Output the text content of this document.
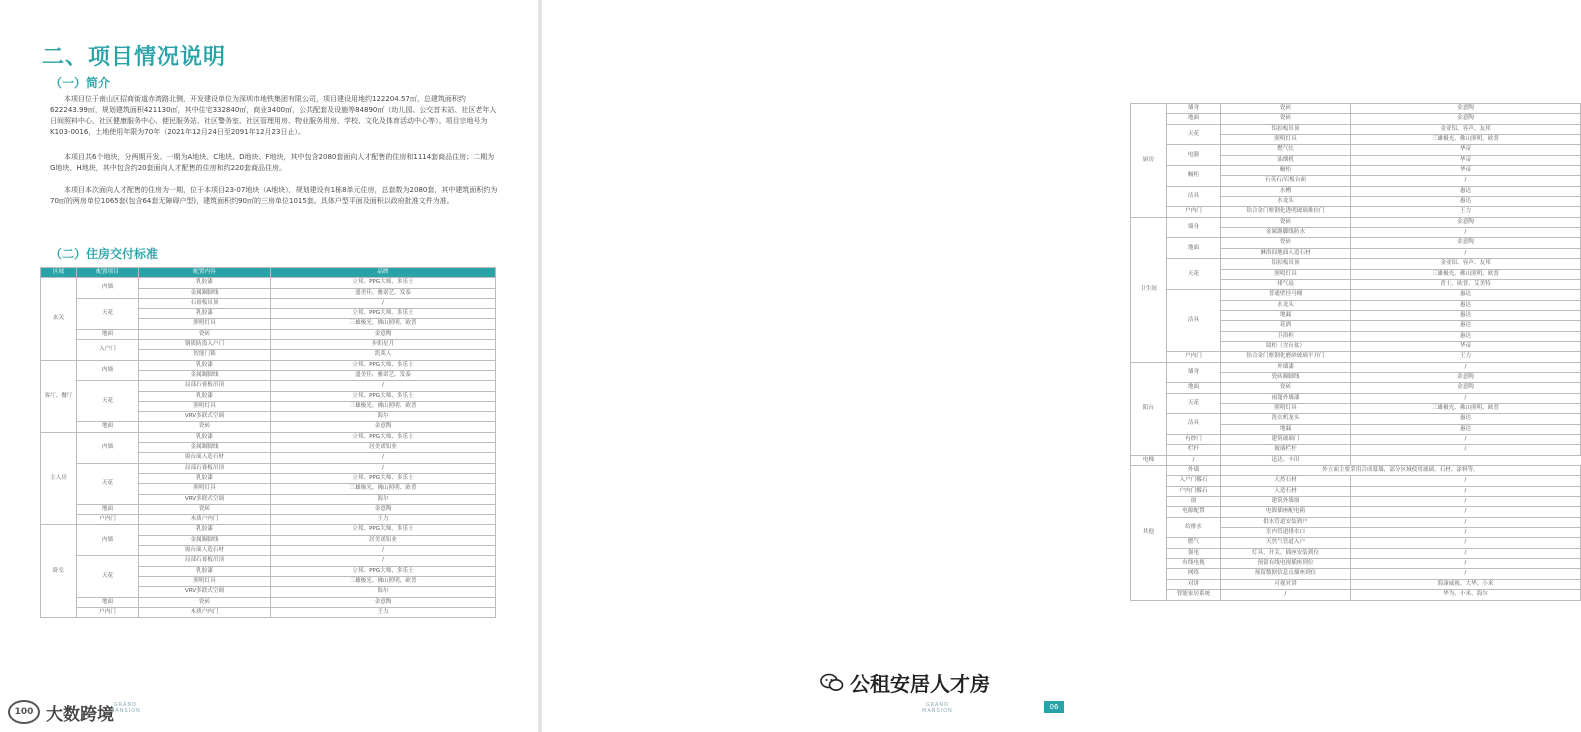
二、项目情况说明
（一）简介

本项目位于南山区招商街道赤湾路北侧，开发建设单位为深圳市地铁集团有限公司，项目建设用地约122204.57㎡，总建筑面积约622243.99㎡，规划建筑面积421130㎡，其中住宅332840㎡，商业3400㎡，公共配套及设施等84890㎡（幼儿园、公交首末站、社区老年人日间照料中心、社区健康服务中心、便民服务站、社区警务室、社区管理用房、物业服务用房、学校、文化及体育活动中心等）。项目宗地号为K103-0016，土地使用年限为70年（2021年12月24日至2091年12月23日止）。

本项目共6个地块，分两期开发。一期为A地块、C地块、D地块、F地块，其中包含2080套面向人才配售的住房和1114套商品住房；二期为G地块、H地块，其中包含约20套面向人才配售的住房和约220套商品住房。

本项目本次面向人才配售的住房为一期，位于本项目23-07地块（A地块），规划建设有1栋8单元住房，总套数为2080套，其中建筑面积约为70㎡的两房单位1065套(包含64套无障碍户型)，建筑面积约90㎡的三房单位1015套。具体户型平面及面积以政府批准文件为准。

（二）住房交付标准
区域	配置项目	配置内容	品牌
玄关	内墙	乳胶漆	立邦、PPG大师、多乐士
		金属踢脚线	盛美佳、雅诺艺、发泰
	天花	石膏板吊顶	/
		乳胶漆	立邦、PPG大师、多乐士
		照明灯具	三雄极光、佛山照明、欧普
	地面	瓷砖	金意陶
	入户门	钢质防盗入户门	步阳星月
		智能门锁	凯莱人
客厅、餐厅	内墙	乳胶漆	立邦、PPG大师、多乐士
		金属踢脚线	盛美佳、雅诺艺、发泰
	天花	局部石膏板吊顶	/
		乳胶漆	立邦、PPG大师、多乐士
		照明灯具	三雄极光、佛山照明、欧普
		VRV多联式空调	海尔
	地面	瓷砖	金意陶
主人房	内墙	乳胶漆	立邦、PPG大师、多乐士
		金属踢脚线	居美诺铝业
		窗台面人造石材	/
	天花	局部石膏板吊顶	/
		乳胶漆	立邦、PPG大师、多乐士
		照明灯具	三雄极光、佛山照明、欧普
		VRV多联式空调	海尔
	地面	瓷砖	金意陶
	户内门	木质户内门	王力
卧室	内墙	乳胶漆	立邦、PPG大师、多乐士
		金属踢脚线	居美诺铝业
		窗台面人造石材	/
	天花	局部石膏板吊顶	/
		乳胶漆	立邦、PPG大师、多乐士
		照明灯具	三雄极光、佛山照明、欧普
		VRV多联式空调	海尔
	地面	瓷砖	金意陶
	户内门	木质户内门	王力
100 大数跨境 GRAND
MANSION
厨房	墙身	瓷砖	金意陶
	地面	瓷砖	金意陶
	天花	铝扣板吊顶	金亚铝、容声、友邦
		照明灯具	三雄极光、佛山照明、欧普
	电器	燃气灶	华帝
		油烟机	华帝
	橱柜	橱柜	华帝
		石英石/岩板台面	/
	洁具	水槽	惠达
		水龙头	惠达
	户内门	钻合金门框钢化透明玻璃推拉门	王力
卫生间	墙身	瓷砖	金意陶
		金属踢脚线防水	/
	地面	瓷砖	金意陶
		淋浴间地面人造石材	/
	天花	铝扣板吊顶	金亚铝、容声、友邦
		照明灯具	三雄极光、佛山照明、欧普
		排气扇	普士、欧普、艾美特
	洁具	普通壁挂马桶	惠达
		水龙头	惠达
		地漏	惠达
		花洒	惠达
		卫浴柜	惠达
		镜柜（含台盆）	华帝
	户内门	钻合金门框钢化磨砂玻璃平开门	王力
阳台	墙身	外墙漆	/
		瓷砖踢脚线	金意陶
	地面	瓷砖	金意陶
	天花	雨篷外墙漆	/
		照明灯具	三雄极光、佛山照明、欧普
	洁具	洗衣机龙头	惠达
		地漏	惠达
	有纱门	建筑玻璃门	/
	栏杆	玻璃栏杆	/
电梯	/	迅达、丰田	
其他	外墙	外立面主要采用合成幕墙，部分区域使用玻璃、石材、涂料等。	
	入户门槛石	天然石材	/
	户内门槛石	人造石材	/
	窗	建筑外墙窗	/
	电源配置	电源插座配电箱	/
	给排水	供水管道安装到户	/
		室内管道排水口	/
	燃气	天然气管道入户	/
	强电	灯具、开关、插座安装到位	/
	有线电视	预留有线电视插座到位	/
	网络	预留数据信息点插座到位	/
	对讲	可视对讲	海康威视、大华、小米
	智能家居系统	/	华为、小米、海尔
公租安居人才房
GRAND
MANSION	06
